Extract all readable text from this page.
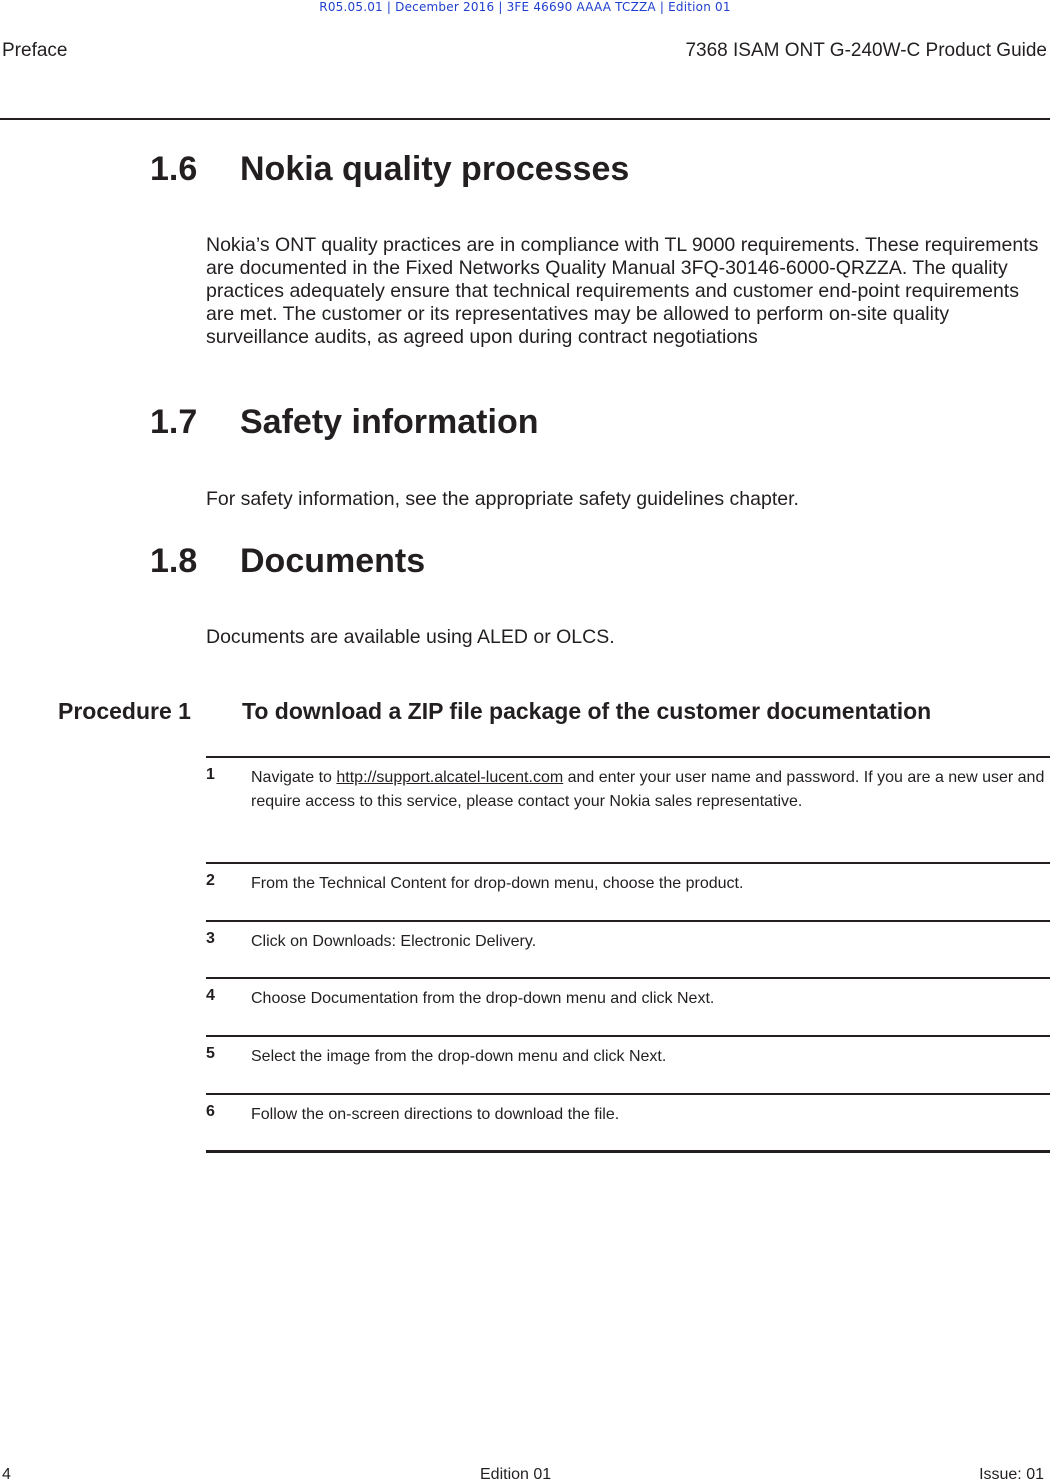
R05.05.01 | December 2016 | 3FE 46690 AAAA TCZZA | Edition 01
Preface	7368 ISAM ONT G-240W-C Product Guide
1.6 Nokia quality processes
Nokia’s ONT quality practices are in compliance with TL 9000 requirements. These requirements are documented in the Fixed Networks Quality Manual 3FQ-30146-6000-QRZZA. The quality practices adequately ensure that technical requirements and customer end-point requirements are met. The customer or its representatives may be allowed to perform on-site quality surveillance audits, as agreed upon during contract negotiations
1.7 Safety information
For safety information, see the appropriate safety guidelines chapter.
1.8 Documents
Documents are available using ALED or OLCS.
Procedure 1 To download a ZIP file package of the customer documentation
1 Navigate to http://support.alcatel-lucent.com and enter your user name and password. If you are a new user and require access to this service, please contact your Nokia sales representative.
2 From the Technical Content for drop-down menu, choose the product.
3 Click on Downloads: Electronic Delivery.
4 Choose Documentation from the drop-down menu and click Next.
5 Select the image from the drop-down menu and click Next.
6 Follow the on-screen directions to download the file.
4	Edition 01	Issue: 01
